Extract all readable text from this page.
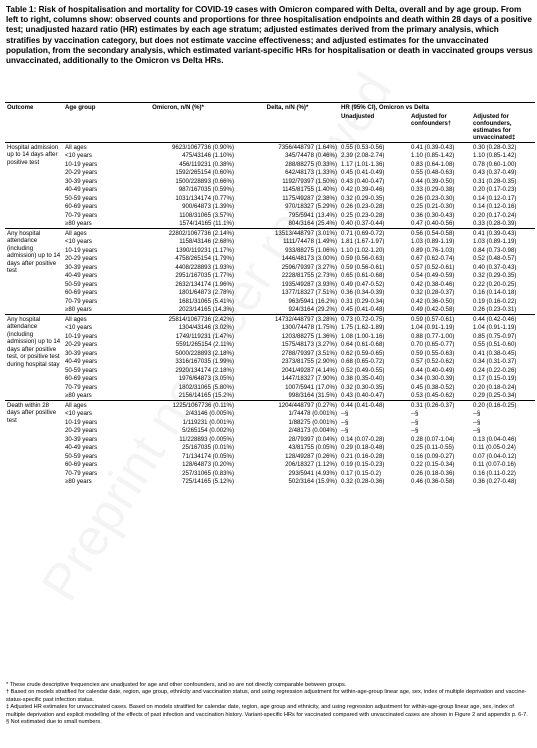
Table 1: Risk of hospitalisation and mortality for COVID-19 cases with Omicron compared with Delta, overall and by age group. From left to right, columns show: observed counts and proportions for three hospitalisation endpoints and death within 28 days of a positive test; unadjusted hazard ratio (HR) estimates by each age stratum; adjusted estimates derived from the primary analysis, which stratifies by vaccination category, but does not estimate vaccine effectiveness; and adjusted estimates for the unvaccinated population, from the secondary analysis, which estimated variant-specific HRs for hospitalisation or death in vaccinated groups versus unvaccinated, additionally to the Omicron vs Delta HRs.
Outcome	Age group	Omicron, n/N (%)*	Delta, n/N (%)*	HR (95% CI), Omicron vs Delta		
				Unadjusted	Adjusted for confounders†	Adjusted for confounders, estimates for unvaccinated‡
Hospital admission up to 14 days after positive test	All ages	9623/1067736 (0.90%)	7356/448797 (1.64%)	0.55 (0.53-0.56)	0.41 (0.39-0.43)	0.30 (0.28-0.32)
	<10 years	475/43146 (1.10%)	345/74478 (0.46%)	2.39 (2.08-2.74)	1.10 (0.85-1.42)	1.10 (0.85-1.42)
	10-19 years	456/119231 (0.38%)	288/88275 (0.33%)	1.17 (1.01-1.36)	0.83 (0.64-1.08)	0.78 (0.60-1.00)
	20-29 years	1592/265154 (0.60%)	642/48173 (1.33%)	0.45 (0.41-0.49)	0.55 (0.48-0.63)	0.43 (0.37-0.49)
	30-39 years	1500/228893 (0.66%)	1192/79397 (1.50%)	0.43 (0.40-0.47)	0.44 (0.39-0.50)	0.31 (0.28-0.35)
	40-49 years	987/167035 (0.59%)	1145/81755 (1.40%)	0.42 (0.39-0.46)	0.33 (0.29-0.38)	0.20 (0.17-0.23)
	50-59 years	1031/134174 (0.77%)	1175/49287 (2.38%)	0.32 (0.29-0.35)	0.26 (0.23-0.30)	0.14 (0.12-0.17)
	60-69 years	900/64873 (1.39%)	970/18327 (5.29%)	0.26 (0.23-0.28)	0.25 (0.21-0.30)	0.14 (0.12-0.16)
	70-79 years	1108/31065 (3.57%)	795/5941 (13.4%)	0.25 (0.23-0.28)	0.36 (0.30-0.43)	0.20 (0.17-0.24)
	≥80 years	1574/14165 (11.1%)	804/3164 (25.4%)	0.40 (0.37-0.44)	0.47 (0.40-0.56)	0.33 (0.28-0.39)
Any hospital attendance (including admission) up to 14 days after positive test	All ages	22802/1067736 (2.14%)	13513/448797 (3.01%)	0.71 (0.69-0.72)	0.56 (0.54-0.58)	0.41 (0.39-0.43)
	<10 years	1158/43146 (2.68%)	1111/74478 (1.49%)	1.81 (1.67-1.97)	1.03 (0.89-1.19)	1.03 (0.89-1.19)
	10-19 years	1390/119231 (1.17%)	933/88275 (1.06%)	1.10 (1.02-1.20)	0.89 (0.76-1.03)	0.84 (0.73-0.98)
	20-29 years	4758/265154 (1.79%)	1446/48173 (3.00%)	0.59 (0.56-0.63)	0.67 (0.62-0.74)	0.52 (0.48-0.57)
	30-39 years	4408/228893 (1.93%)	2596/79397 (3.27%)	0.59 (0.56-0.61)	0.57 (0.52-0.61)	0.40 (0.37-0.43)
	40-49 years	2951/167035 (1.77%)	2228/81755 (2.73%)	0.65 (0.61-0.68)	0.54 (0.49-0.59)	0.32 (0.29-0.35)
	50-59 years	2632/134174 (1.96%)	1935/49287 (3.93%)	0.49 (0.47-0.52)	0.42 (0.38-0.46)	0.22 (0.20-0.25)
	60-69 years	1801/64873 (2.78%)	1377/18327 (7.51%)	0.36 (0.34-0.39)	0.32 (0.28-0.37)	0.16 (0.14-0.18)
	70-79 years	1681/31065 (5.41%)	963/5941 (16.2%)	0.31 (0.29-0.34)	0.42 (0.36-0.50)	0.19 (0.16-0.22)
	≥80 years	2023/14165 (14.3%)	924/3164 (29.2%)	0.45 (0.41-0.48)	0.49 (0.42-0.58)	0.26 (0.23-0.31)
Any hospital attendance (including admission) up to 14 days after positive test, or positive test during hospital stay	All ages	25814/1067736 (2.42%)	14732/448797 (3.28%)	0.73 (0.72-0.75)	0.59 (0.57-0.61)	0.44 (0.42-0.46)
	<10 years	1304/43146 (3.02%)	1300/74478 (1.75%)	1.75 (1.62-1.89)	1.04 (0.91-1.19)	1.04 (0.91-1.19)
	10-19 years	1749/119231 (1.47%)	1203/88275 (1.36%)	1.08 (1.00-1.16)	0.88 (0.77-1.00)	0.85 (0.75-0.97)
	20-29 years	5591/265154 (2.11%)	1575/48173 (3.27%)	0.64 (0.61-0.68)	0.70 (0.65-0.77)	0.55 (0.51-0.60)
	30-39 years	5000/228893 (2.18%)	2788/79397 (3.51%)	0.62 (0.59-0.65)	0.59 (0.55-0.63)	0.41 (0.38-0.45)
	40-49 years	3316/167035 (1.99%)	2373/81755 (2.90%)	0.68 (0.65-0.72)	0.57 (0.52-0.62)	0.34 (0.31-0.37)
	50-59 years	2920/134174 (2.18%)	2041/49287 (4.14%)	0.52 (0.49-0.55)	0.44 (0.40-0.49)	0.24 (0.22-0.26)
	60-69 years	1976/64873 (3.05%)	1447/18327 (7.90%)	0.38 (0.35-0.40)	0.34 (0.30-0.39)	0.17 (0.15-0.19)
	70-79 years	1802/31065 (5.80%)	1007/5941 (17.0%)	0.32 (0.30-0.35)	0.45 (0.38-0.52)	0.20 (0.18-0.24)
	≥80 years	2156/14165 (15.2%)	998/3164 (31.5%)	0.43 (0.40-0.47)	0.53 (0.45-0.62)	0.29 (0.25-0.34)
Death within 28 days after positive test	All ages	1225/1067736 (0.11%)	1204/448797 (0.27%)	0.44 (0.41-0.48)	0.31 (0.26-0.37)	0.20 (0.16-0.25)
	<10 years	2/43146 (0.005%)	1/74478 (0.001%)	--§	--§	--§
	10-19 years	1/119231 (0.001%)	1/88275 (0.001%)	--§	--§	--§
	20-29 years	5/265154 (0.002%)	2/48173 (0.004%)	--§	--§	--§
	30-39 years	11/228893 (0.005%)	28/79397 (0.04%)	0.14 (0.07-0.28)	0.28 (0.07-1.04)	0.13 (0.04-0.46)
	40-49 years	25/167035 (0.01%)	43/81755 (0.05%)	0.29 (0.18-0.48)	0.25 (0.11-0.55)	0.11 (0.05-0.24)
	50-59 years	71/134174 (0.05%)	128/49287 (0.26%)	0.21 (0.16-0.28)	0.16 (0.09-0.27)	0.07 (0.04-0.12)
	60-69 years	128/64873 (0.20%)	206/18327 (1.12%)	0.19 (0.15-0.23)	0.22 (0.15-0.34)	0.11 (0.07-0.16)
	70-79 years	257/31065 (0.83%)	293/5941 (4.93%)	0.17 (0.15-0.2)	0.26 (0.18-0.36)	0.16 (0.11-0.22)
	≥80 years	725/14165 (5.12%)	502/3164 (15.9%)	0.32 (0.28-0.36)	0.46 (0.36-0.58)	0.36 (0.27-0.48)

* These crude descriptive frequencies are unadjusted for age and other confounders, and so are not directly comparable between groups.

† Based on models stratified for calendar date, region, age group, ethnicity and vaccination status, and using regression adjustment for within-age-group linear age, sex, index of multiple deprivation and vaccine-status-specific past infection status.

‡ Adjusted HR estimates for unvaccinated cases. Based on models stratified for calendar date, region, age group and ethnicity, and using regression adjustment for within-age-group linear age, sex, index of multiple deprivation and explicit modelling of the effects of past infection and vaccination history. Variant-specific HRs for vaccinated compared with unvaccinated cases are shown in Figure 2 and appendix p. 6-7.

§ Not estimated due to small numbers.
